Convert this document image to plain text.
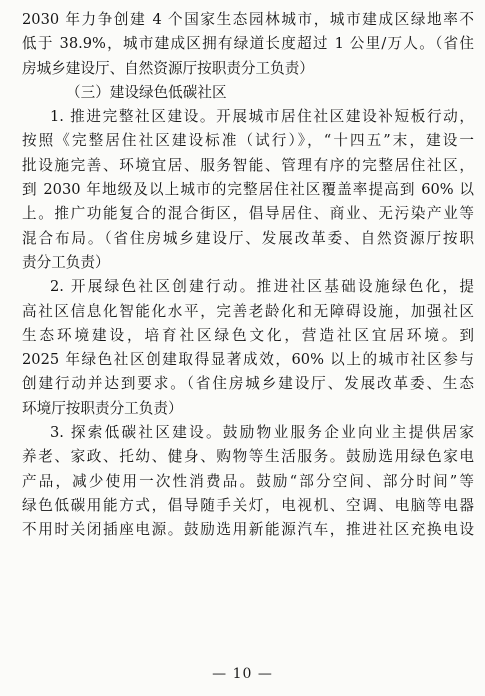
2030 年力争创建 4 个国家生态园林城市，城市建成区绿地率不
低于 38.9%，城市建成区拥有绿道长度超过 1 公里/万人。（省住
房城乡建设厅、自然资源厅按职责分工负责）
（三）建设绿色低碳社区
1. 推进完整社区建设。开展城市居住社区建设补短板行动，
按照《完整居住社区建设标准（试行）》，“十四五”末，建设一
批设施完善、环境宜居、服务智能、管理有序的完整居住社区，
到 2030 年地级及以上城市的完整居住社区覆盖率提高到 60% 以
上。推广功能复合的混合街区，倡导居住、商业、无污染产业等
混合布局。（省住房城乡建设厅、发展改革委、自然资源厅按职
责分工负责）
2. 开展绿色社区创建行动。推进社区基础设施绿色化，提
高社区信息化智能化水平，完善老龄化和无障碍设施，加强社区
生态环境建设，培育社区绿色文化，营造社区宜居环境。到
2025 年绿色社区创建取得显著成效，60% 以上的城市社区参与
创建行动并达到要求。（省住房城乡建设厅、发展改革委、生态
环境厅按职责分工负责）
3. 探索低碳社区建设。鼓励物业服务企业向业主提供居家
养老、家政、托幼、健身、购物等生活服务。鼓励选用绿色家电
产品，减少使用一次性消费品。鼓励“部分空间、部分时间”等
绿色低碳用能方式，倡导随手关灯，电视机、空调、电脑等电器
不用时关闭插座电源。鼓励选用新能源汽车，推进社区充换电设
— 10 —
